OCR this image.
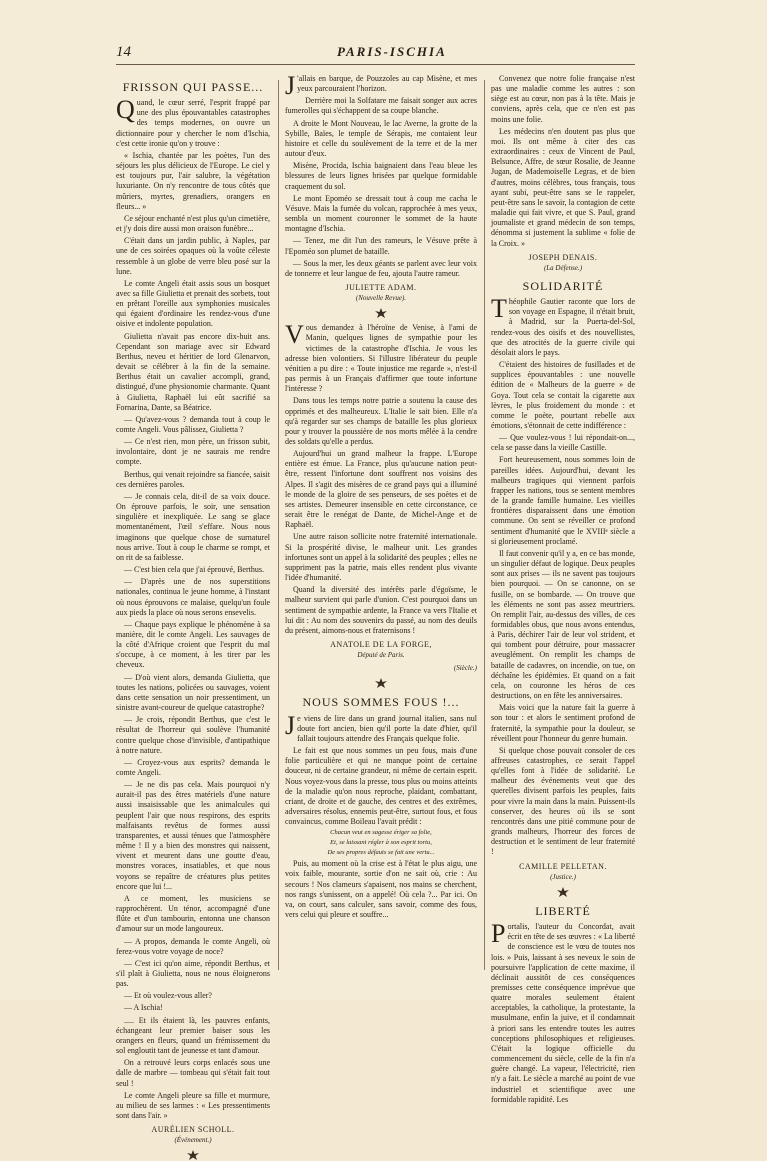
14	PARIS-ISCHIA
FRISSON QUI PASSE...

Quand, le cœur serré, l'esprit frappé par une des plus épouvantables catastrophes des temps modernes, on ouvre un dictionnaire pour y chercher le nom d'Ischia, c'est cette ironie qu'on y trouve :

« Ischia, chantée par les poètes, l'un des séjours les plus délicieux de l'Europe. Le ciel y est toujours pur, l'air salubre, la végétation luxuriante. On n'y rencontre de tous côtés que mûriers, myrtes, grenadiers, orangers en fleurs... »

Ce séjour enchanté n'est plus qu'un cimetière, et j'y dois dire aussi mon oraison funèbre...

C'était dans un jardin public, à Naples, par une de ces soirées opaques où la voûte céleste ressemble à un globe de verre bleu posé sur la lune.

Le comte Angeli était assis sous un bosquet avec sa fille Giulietta et prenait des sorbets, tout en prêtant l'oreille aux symphonies musicales qui égaient d'ordinaire les rendez-vous d'une oisive et indolente population.

Giulietta n'avait pas encore dix-huit ans. Cependant son mariage avec sir Edward Berthus, neveu et héritier de lord Glenarvon, devait se célébrer à la fin de la semaine. Berthus était un cavalier accompli, grand, distingué, d'une physionomie charmante. Quant à Giulietta, Raphaël lui eût sacrifié sa Fornarina, Dante, sa Béatrice.

— Qu'avez-vous ? demanda tout à coup le comte Angeli. Vous pâlissez, Giulietta ?

— Ce n'est rien, mon père, un frisson subit, involontaire, dont je ne saurais me rendre compte.

Berthus, qui venait rejoindre sa fiancée, saisit ces dernières paroles.

— Je connais cela, dit-il de sa voix douce. On éprouve parfois, le soir, une sensation singulière et inexpliquée. Le sang se glace momentanément, l'œil s'effare. Nous nous imaginons que quelque chose de surnaturel nous arrive. Tout à coup le charme se rompt, et on rit de sa faiblesse.

— C'est bien cela que j'ai éprouvé, Berthus.

— D'après une de nos superstitions nationales, continua le jeune homme, à l'instant où nous éprouvons ce malaise, quelqu'un foule aux pieds la place où nous serons ensevelis.

— Chaque pays explique le phénomène à sa manière, dit le comte Angeli. Les sauvages de la côté d'Afrique croient que l'esprit du mal s'occupe, à ce moment, à les tirer par les cheveux.

— D'où vient alors, demanda Giulietta, que toutes les nations, policées ou sauvages, voient dans cette sensation un noir pressentiment, un sinistre avant-coureur de quelque catastrophe?

— Je crois, répondit Berthus, que c'est le résultat de l'horreur qui soulève l'humanité contre quelque chose d'invisible, d'antipathique à notre nature.

— Croyez-vous aux esprits? demanda le comte Angeli.

— Je ne dis pas cela. Mais pourquoi n'y aurait-il pas des êtres matériels d'une nature aussi insaisissable que les animalcules qui peuplent l'air que nous respirons, des esprits malfaisants revêtus de formes aussi transparentes, et aussi ténues que l'atmosphère même ! Il y a bien des monstres qui naissent, vivent et meurent dans une goutte d'eau, monstres voraces, insatiables, et que nous voyons se repaître de créatures plus petites encore que lui !...

A ce moment, les musiciens se rapprochèrent. Un ténor, accompagné d'une flûte et d'un tambourin, entonna une chanson d'amour sur un mode langoureux.

— A propos, demanda le comte Angeli, où ferez-vous votre voyage de noce?

— C'est ici qu'on aime, répondit Berthus, et s'il plaît à Giulietta, nous ne nous éloignerons pas.

— Et où voulez-vous aller?

— A Ischia!

..... Et ils étaient là, les pauvres enfants, échangeant leur premier baiser sous les orangers en fleurs, quand un frémissement du sol engloutit tant de jeunesse et tant d'amour.

On a retrouvé leurs corps enlacés sous une dalle de marbre — tombeau qui s'était fait tout seul !

Le comte Angeli pleure sa fille et murmure, au milieu de ses larmes : « Les pressentiments sont dans l'air. »

AURÉLIEN SCHOLL.
(Événement.)

J 'allais en barque, de Pouzzoles au cap Misène, et mes yeux parcouraient l'horizon.

Derrière moi la Solfatare me faisait songer aux acres fumerolles qui s'échappent de sa coupe blanche.

A droite le Mont Nouveau, le lac Averne, la grotte de la Sybille, Baïes, le temple de Sérapis, me contaient leur histoire et celle du soulèvement de la terre et de la mer autour d'eux.

Misène, Procida, Ischia baignaient dans l'eau bleue les blessures de leurs lignes brisées par quelque formidable craquement du sol.

Le mont Epoméo se dressait tout à coup me cacha le Vésuve. Mais la fumée du volcan, rapprochée à mes yeux, sembla un moment couronner le sommet de la haute montagne d'Ischia.

— Tenez, me dit l'un des rameurs, le Vésuve prête à l'Epoméo son plumet de bataille.

— Sous la mer, les deux géants se parlent avec leur voix de tonnerre et leur langue de feu, ajouta l'autre rameur.

JULIETTE ADAM.
(Nouvelle Revue).

Vous demandez à l'héroïne de Venise, à l'ami de Manin, quelques lignes de sympathie pour les victimes de la catastrophe d'Ischia. Je vous les adresse bien volontiers. Si l'illustre libérateur du peuple vénitien a pu dire : « Toute injustice me regarde », n'est-il pas permis à un Français d'affirmer que toute infortune l'intéresse ?

Dans tous les temps notre patrie a soutenu la cause des opprimés et des malheureux. L'Italie le sait bien. Elle n'a qu'à regarder sur ses champs de bataille les plus glorieux pour y trouver la poussière de nos morts mêlée à la cendre des soldats qu'elle a perdus.

Aujourd'hui un grand malheur la frappe. L'Europe entière est émue. La France, plus qu'aucune nation peut-être, ressent l'infortune dont souffrent nos voisins des Alpes. Il s'agit des misères de ce grand pays qui a illuminé le monde de la gloire de ses penseurs, de ses poètes et de ses artistes. Demeurer insensible en cette circonstance, ce serait être le renégat de Dante, de Michel-Ange et de Raphaël.

Une autre raison sollicite notre fraternité internationale. Si la prospérité divise, le malheur unit. Les grandes infortunes sont un appel à la solidarité des peuples ; elles ne suppriment pas la patrie, mais elles rendent plus vivante l'idée d'humanité.

Quand la diversité des intérêts parle d'égoïsme, le malheur survient qui parle d'union. C'est pourquoi dans un sentiment de sympathie ardente, la France va vers l'Italie et lui dit : Au nom des souvenirs du passé, au nom des deuils du présent, aimons-nous et fraternisons !

ANATOLE DE LA FORGE,
Député de Paris.
(Siècle.)
NOUS SOMMES FOUS !...

Je viens de lire dans un grand journal italien, sans nul doute fort ancien, bien qu'il porte la date d'hier, qu'il fallait toujours attendre des Français quelque folie.

Le fait est que nous sommes un peu fous, mais d'une folie particulière et qui ne manque point de certaine douceur, ni de certaine grandeur, ni même de certain esprit. Nous voyez-vous dans la presse, tous plus ou moins atteints de la maladie qu'on nous reproche, plaidant, combattant, criant, de droite et de gauche, des centres et des extrêmes, adversaires résolus, ennemis peut-être, surtout fous, et fous convaincus, comme Boileau l'avait prédit :

Chacun veut en sagesse ériger sa folie,
Et, se laissant régler à son esprit tortu,
De ses propres défauts se fait une vertu...

Puis, au moment où la crise est à l'état le plus aigu, une voix faible, mourante, sortie d'on ne sait où, crie : Au secours ! Nos clameurs s'apaisent, nos mains se cherchent, nos rangs s'unissent, on a appelé! Où cela ?... Par ici. On va, on court, sans calculer, sans savoir, comme des fous, vers celui qui pleure et souffre...

Convenez que notre folie française n'est pas une maladie comme les autres : son siège est au cœur, non pas à la tête. Mais je conviens, après cela, que ce n'en est pas moins une folie.

Les médecins n'en doutent pas plus que moi. Ils ont même à citer des cas extraordinaires : ceux de Vincent de Paul, Belsunce, Affre, de sœur Rosalie, de Jeanne Jugan, de Mademoiselle Legras, et de bien d'autres, moins célèbres, tous français, tous ayant subi, peut-être sans se le rappeler, peut-être sans le savoir, la contagion de cette maladie qui fait vivre, et que S. Paul, grand journaliste et grand médecin de son temps, dénomma si justement la sublime « folie de la Croix. »

JOSEPH DENAIS.
(La Défense.)
SOLIDARITÉ

Théophile Gautier raconte que lors de son voyage en Espagne, il n'était bruit, à Madrid, sur la Puerta-del-Sol, rendez-vous des oisifs et des nouvellistes, que des atrocités de la guerre civile qui désolait alors le pays.

C'étaient des histoires de fusillades et de supplices épouvantables : une nouvelle édition de « Malheurs de la guerre » de Goya. Tout cela se contait la cigarette aux lèvres, le plus froidement du monde : et comme le poète, pourtant rebelle aux émotions, s'étonnait de cette indifférence :

— Que voulez-vous ! lui répondait-on..., cela se passe dans la vieille Castille.

Fort heureusement, nous sommes loin de pareilles idées. Aujourd'hui, devant les malheurs tragiques qui viennent parfois frapper les nations, tous se sentent membres de la grande famille humaine. Les vieilles frontières disparaissent dans une émotion commune. On sent se réveiller ce profond sentiment d'humanité que le XVIIIᵉ siècle a si glorieusement proclamé.

Il faut convenir qu'il y a, en ce bas monde, un singulier défaut de logique. Deux peuples sont aux prises — ils ne savent pas toujours bien pourquoi. — On se canonne, on se fusille, on se bombarde. — On trouve que les éléments ne sont pas assez meurtriers. On remplit l'air, au-dessus des villes, de ces formidables obus, que nous avons entendus, à Paris, déchirer l'air de leur vol strident, et qui tombent pour détruire, pour massacrer aveuglément. On remplit les champs de bataille de cadavres, on incendie, on tue, on déchaîne les épidémies. Et quand on a fait cela, on couronne les héros de ces destructions, on en fête les anniversaires.

Mais voici que la nature fait la guerre à son tour : et alors le sentiment profond de fraternité, la sympathie pour la douleur, se réveillent pour l'honneur du genre humain.

Si quelque chose pouvait consoler de ces affreuses catastrophes, ce serait l'appel qu'elles font à l'idée de solidarité. Le malheur des événements veut que des querelles divisent parfois les peuples, faits pour vivre la main dans la main. Puissent-ils conserver, des heures où ils se sont rencontrés dans une pitié commune pour de grands malheurs, l'horreur des forces de destruction et le sentiment de leur fraternité !

CAMILLE PELLETAN.
(Justice.)
LIBERTÉ

Portalis, l'auteur du Concordat, avait écrit en tête de ses œuvres : « La liberté de conscience est le vœu de toutes nos lois. » Puis, laissant à ses neveux le soin de poursuivre l'application de cette maxime, il déclinait aussitôt de ces conséquences premisses cette conséquence imprévue que quatre morales seulement étaient acceptables, la catholique, la protestante, la musulmane, enfin la juive, et il condamnait à priori sans les entendre toutes les autres conceptions philosophiques et religieuses. C'était la logique officielle du commencement du siècle, celle de la fin n'a guère changé. La vapeur, l'électricité, rien n'y a fait. Le siècle a marché au point de vue industriel et scientifique avec une formidable rapidité. Les
